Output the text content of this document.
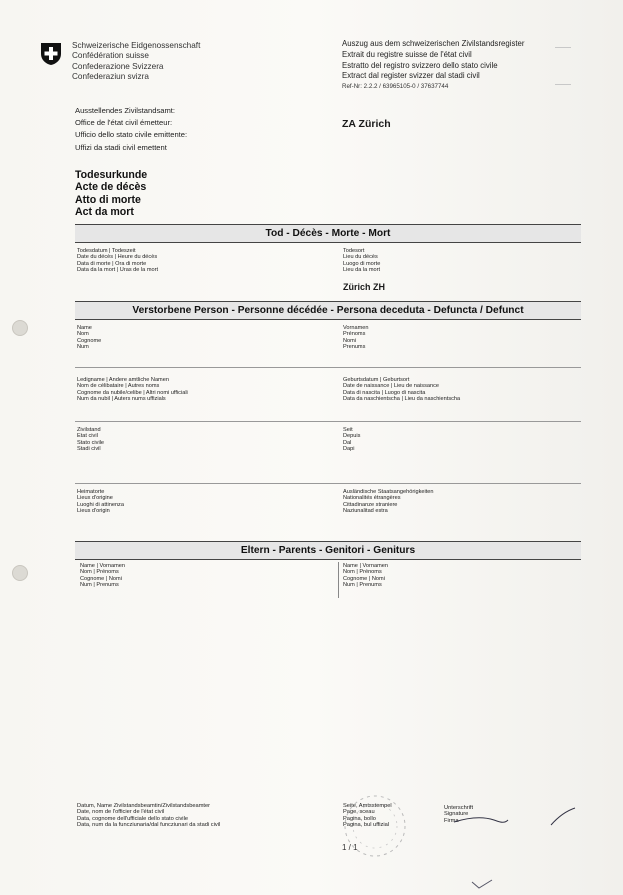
Schweizerische Eidgenossenschaft
Confédération suisse
Confederazione Svizzera
Confederaziun svizra
Auszug aus dem schweizerischen Zivilstandsregister
Extrait du registre suisse de l'état civil
Estratto del registro svizzero dello stato civile
Extract dal register svizzer dal stadi civil
Ref-Nr: 2.2.2 / 63965105-0 / 37637744
Ausstellendes Zivilstandsamt:
Office de l'état civil émetteur:
Ufficio dello stato civile emittente:
Uffizi da stadi civil emettent
ZA Zürich
Todesurkunde
Acte de décès
Atto di morte
Act da mort
Tod - Décès - Morte - Mort
Todesdatum | Todeszeit
Date du décès | Heure du décès
Data di morte | Ora di morte
Data da la mort | Uras de la mort
Todesort
Lieu du décès
Luogo di morte
Lieu da la mort
Zürich ZH
Verstorbene Person - Personne décédée - Persona deceduta - Defuncta / Defunct
Name
Nom
Cognome
Num
Vornamen
Prénoms
Nomi
Prenums
Ledigname | Andere amtliche Namen
Nom de célibataire | Autres noms
Cognome da nubile/celibe | Altri nomi ufficiali
Num da nubil | Auters nums uffizials
Geburtsdatum | Geburtsort
Date de naissance | Lieu de naissance
Data di nascita | Luogo di nascita
Data da naschientscha | Lieu da naschientscha
Zivilstand
Etat civil
Stato civile
Stadi civil
Seit
Depuis
Dal
Dapi
Heimatorte
Lieux d'origine
Luoghi di attinenza
Lieus d'origin
Ausländische Staatsangehörigkeiten
Nationalités étrangères
Cittadinanze straniere
Naziunalitad estra
Eltern - Parents - Genitori - Geniturs
Name | Vornamen
Nom | Prénoms
Cognome | Nomi
Num | Prenums
Name | Vornamen
Nom | Prénoms
Cognome | Nomi
Num | Prenums
Datum, Name Zivilstandsbeamtin/Zivilstandsbeamter
Date, nom de l'officier de l'état civil
Data, cognome dell'ufficiale dello stato civile
Data, num da la funcziunaria/dal funcziunari da stadi civil
Seite, Amtsstempel
Page, sceau
Pagina, bollo
Pagina, bul uffizial
Unterschrift
Signature
Firma
1 / 1
